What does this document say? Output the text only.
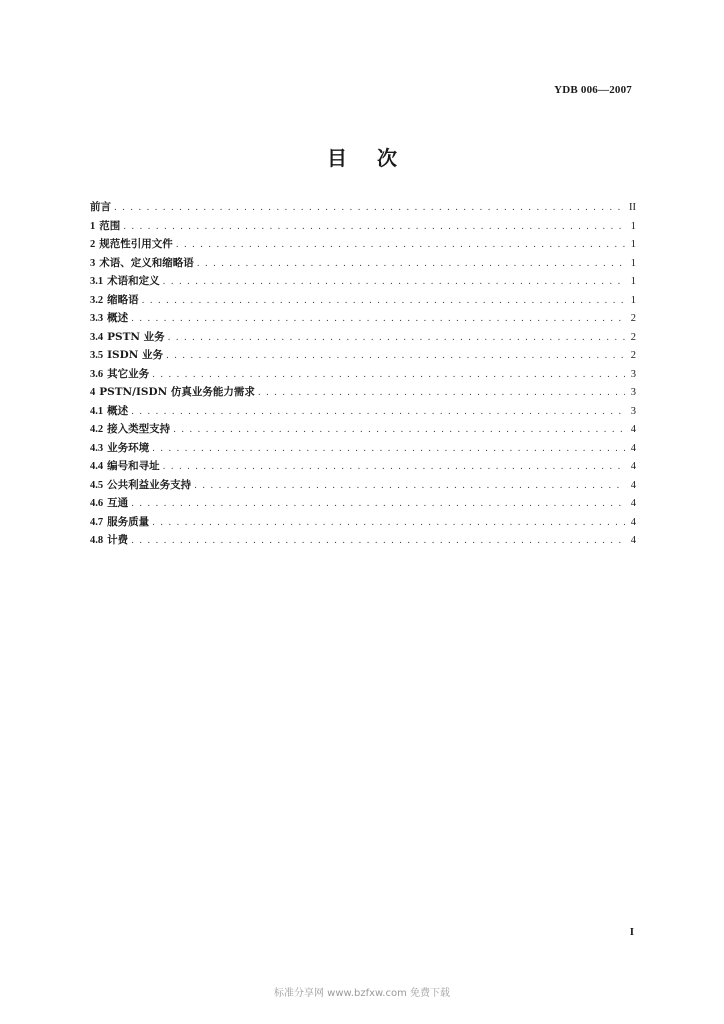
YDB 006—2007
目次
前言 . . .	II
1 范围 . . .	1
2 规范性引用文件 . . .	1
3 术语、定义和缩略语 . . .	1
3.1 术语和定义 . . .	1
3.2 缩略语 . . .	1
3.3 概述 . . .	2
3.4 PSTN 业务 . . .	2
3.5 ISDN 业务 . . .	2
3.6 其它业务 . . .	3
4 PSTN/ISDN 仿真业务能力需求 . . .	3
4.1 概述 . . .	3
4.2 接入类型支持 . . .	4
4.3 业务环境 . . .	4
4.4 编号和寻址 . . .	4
4.5 公共利益业务支持 . . .	4
4.6 互通 . . .	4
4.7 服务质量 . . .	4
4.8 计费 . . .	4
I
标准分享网 www.bzfxw.com 免费下载
